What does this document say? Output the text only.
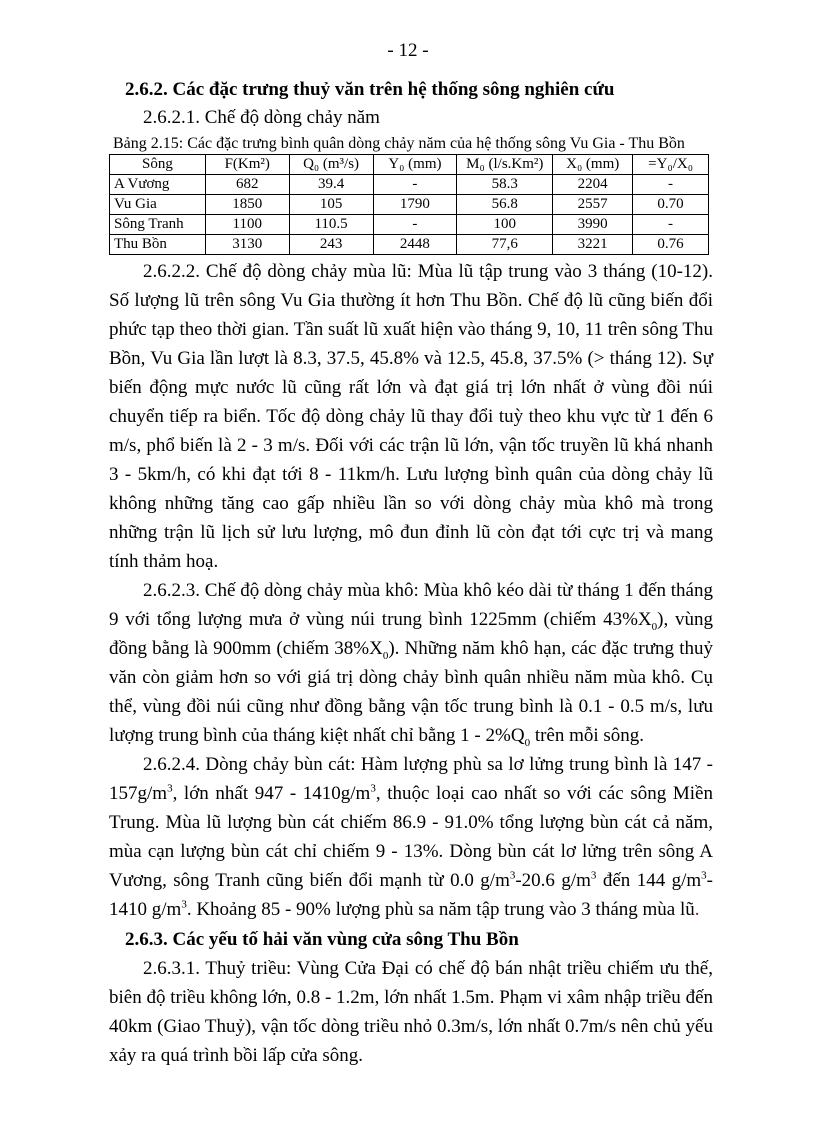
- 12 -
2.6.2. Các đặc trưng thuỷ văn trên hệ thống sông nghiên cứu
2.6.2.1. Chế độ dòng chảy năm
Bảng 2.15: Các đặc trưng bình quân dòng chảy năm của hệ thống sông Vu Gia - Thu Bồn
Sông	F(Km²)	Q₀ (m³/s)	Y₀ (mm)	M₀ (l/s.Km²)	X₀ (mm)	=Y₀/X₀
A Vương	682	39.4	-	58.3	2204	-
Vu Gia	1850	105	1790	56.8	2557	0.70
Sông Tranh	1100	110.5	-	100	3990	-
Thu Bồn	3130	243	2448	77,6	3221	0.76

2.6.2.2. Chế độ dòng chảy mùa lũ: Mùa lũ tập trung vào 3 tháng (10-12). Số lượng lũ trên sông Vu Gia thường ít hơn Thu Bồn. Chế độ lũ cũng biến đổi phức tạp theo thời gian. Tần suất lũ xuất hiện vào tháng 9, 10, 11 trên sông Thu Bồn, Vu Gia lần lượt là 8.3, 37.5, 45.8% và 12.5, 45.8, 37.5% (> tháng 12). Sự biến động mực nước lũ cũng rất lớn và đạt giá trị lớn nhất ở vùng đồi núi chuyển tiếp ra biển. Tốc độ dòng chảy lũ thay đổi tuỳ theo khu vực từ 1 đến 6 m/s, phổ biến là 2 - 3 m/s. Đối với các trận lũ lớn, vận tốc truyền lũ khá nhanh 3 - 5km/h, có khi đạt tới 8 - 11km/h. Lưu lượng bình quân của dòng chảy lũ không những tăng cao gấp nhiều lần so với dòng chảy mùa khô mà trong những trận lũ lịch sử lưu lượng, mô đun đỉnh lũ còn đạt tới cực trị và mang tính thảm hoạ.

2.6.2.3. Chế độ dòng chảy mùa khô: Mùa khô kéo dài từ tháng 1 đến tháng 9 với tổng lượng mưa ở vùng núi trung bình 1225mm (chiếm $43\%X_0$), vùng đồng bằng là 900mm (chiếm $38\%X_0$). Những năm khô hạn, các đặc trưng thuỷ văn còn giảm hơn so với giá trị dòng chảy bình quân nhiều năm mùa khô. Cụ thể, vùng đồi núi cũng như đồng bằng vận tốc trung bình là 0.1 - 0.5 m/s, lưu lượng trung bình của tháng kiệt nhất chỉ bằng $1 - 2\%Q_0$ trên mỗi sông.

2.6.2.4. Dòng chảy bùn cát: Hàm lượng phù sa lơ lửng trung bình là $147 - 157g/m^3$, lớn nhất $947 - 1410g/m^3$, thuộc loại cao nhất so với các sông Miền Trung. Mùa lũ lượng bùn cát chiếm 86.9 - 91.0% tổng lượng bùn cát cả năm, mùa cạn lượng bùn cát chỉ chiếm 9 - 13%. Dòng bùn cát lơ lửng trên sông A Vương, sông Tranh cũng biến đổi mạnh từ 0.0 $g/m^3-20.6$ $g/m^3$ đến 144 $g/m^3-1410$ $g/m^3$. Khoảng 85 - 90% lượng phù sa năm tập trung vào 3 tháng mùa lũ.

2.6.3. Các yếu tố hải văn vùng cửa sông Thu Bồn

2.6.3.1. Thuỷ triều: Vùng Cửa Đại có chế độ bán nhật triều chiếm ưu thế, biên độ triều không lớn, 0.8 - 1.2m, lớn nhất 1.5m. Phạm vi xâm nhập triều đến 40km (Giao Thuỷ), vận tốc dòng triều nhỏ 0.3m/s, lớn nhất 0.7m/s nên chủ yếu xảy ra quá trình bồi lấp cửa sông.
